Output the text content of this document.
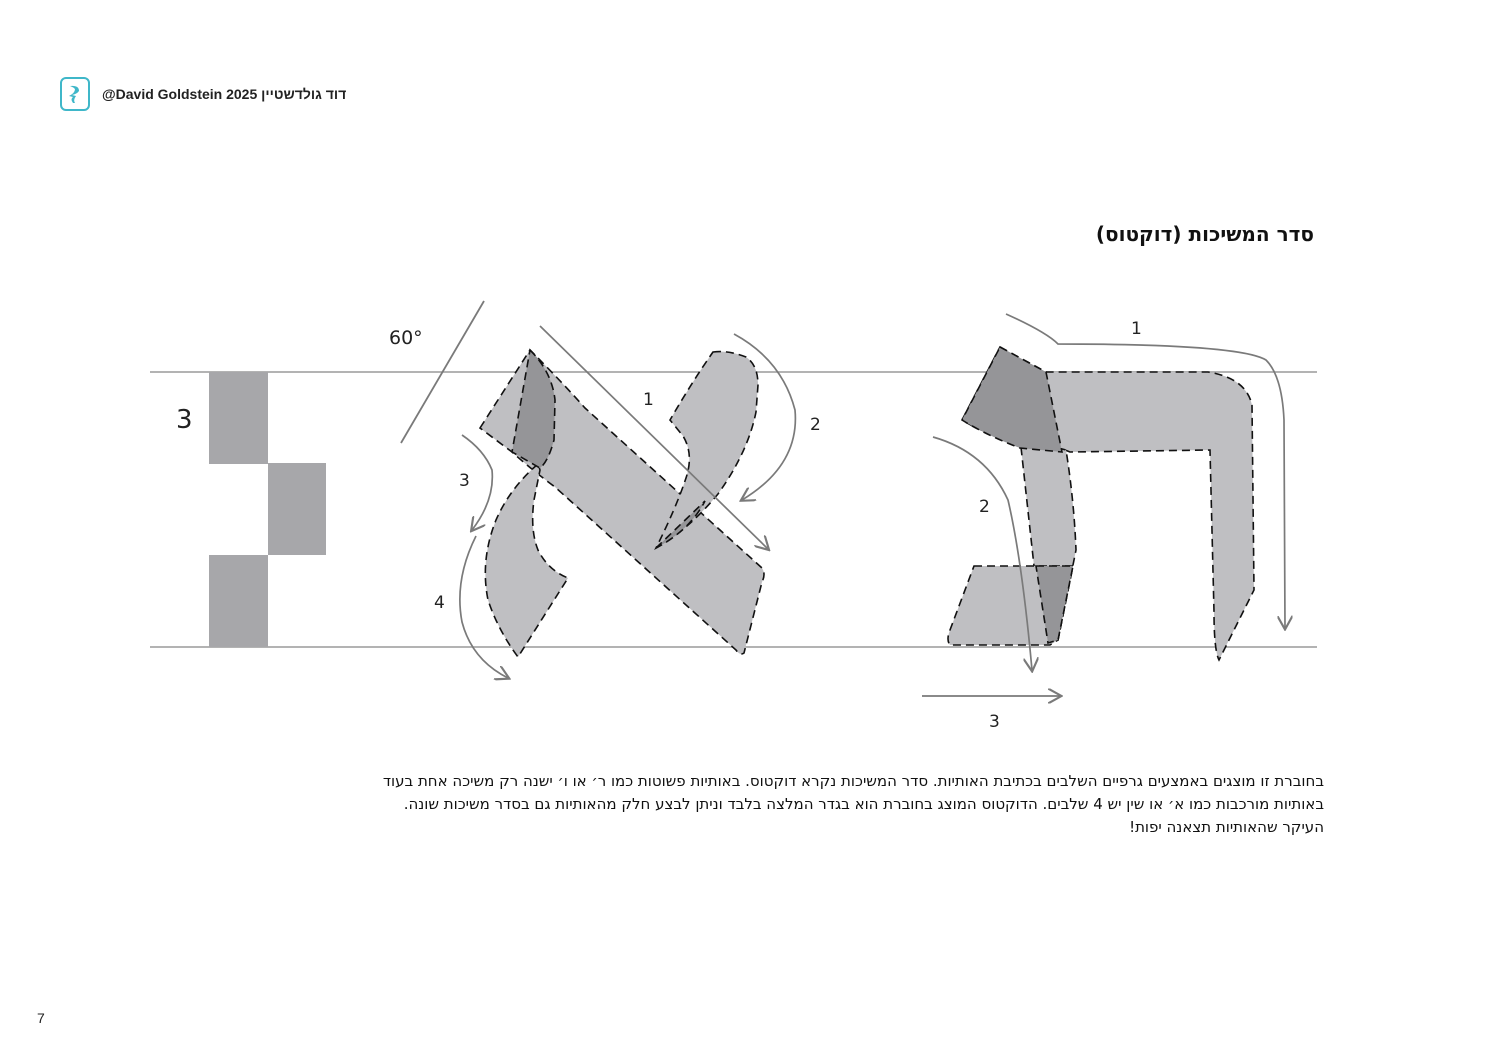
@David Goldstein 2025 דוד גולדשטיין
סדר המשיכות (דוקטוס)
3
60°
1
2
3
4
1
2
3
בחוברת זו מוצגים באמצעים גרפיים השלבים בכתיבת האותיות. סדר המשיכות נקרא דוקטוס. באותיות פשוטות כמו ר׳ או ו׳ ישנה רק משיכה אחת בעוד
באותיות מורכבות כמו א׳ או שין יש 4 שלבים. הדוקטוס המוצג בחוברת הוא בגדר המלצה בלבד וניתן לבצע חלק מהאותיות גם בסדר משיכות שונה.
העיקר שהאותיות תצאנה יפות!
7
